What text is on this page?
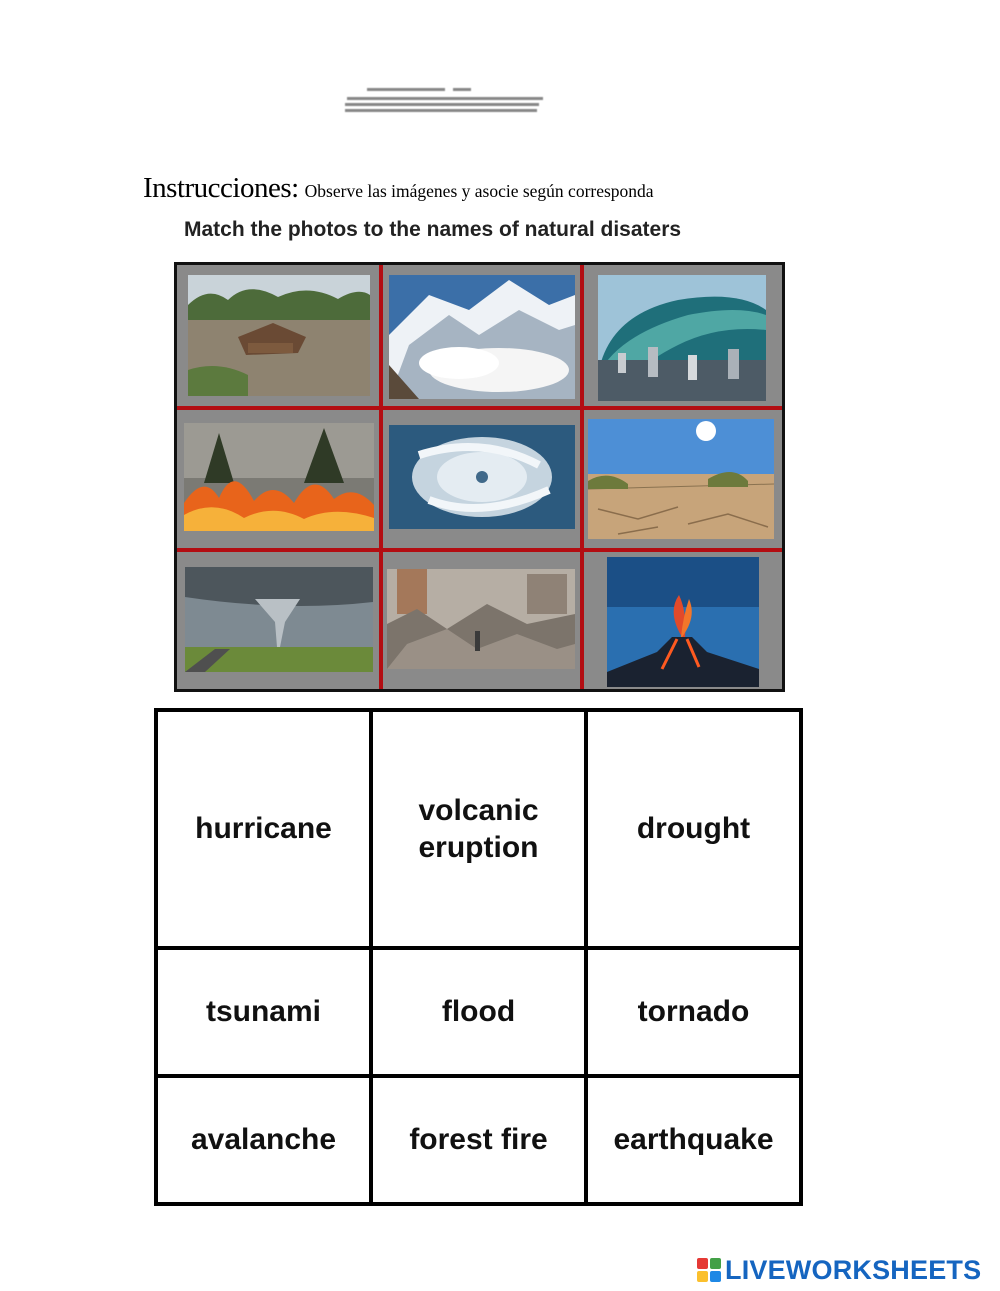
Instrucciones: Observe las imágenes y asocie según corresponda
Match the photos to the names of natural disaters
hurricane	volcanic eruption	drought
tsunami	flood	tornado
avalanche	forest fire	earthquake
LIVEWORKSHEETS
